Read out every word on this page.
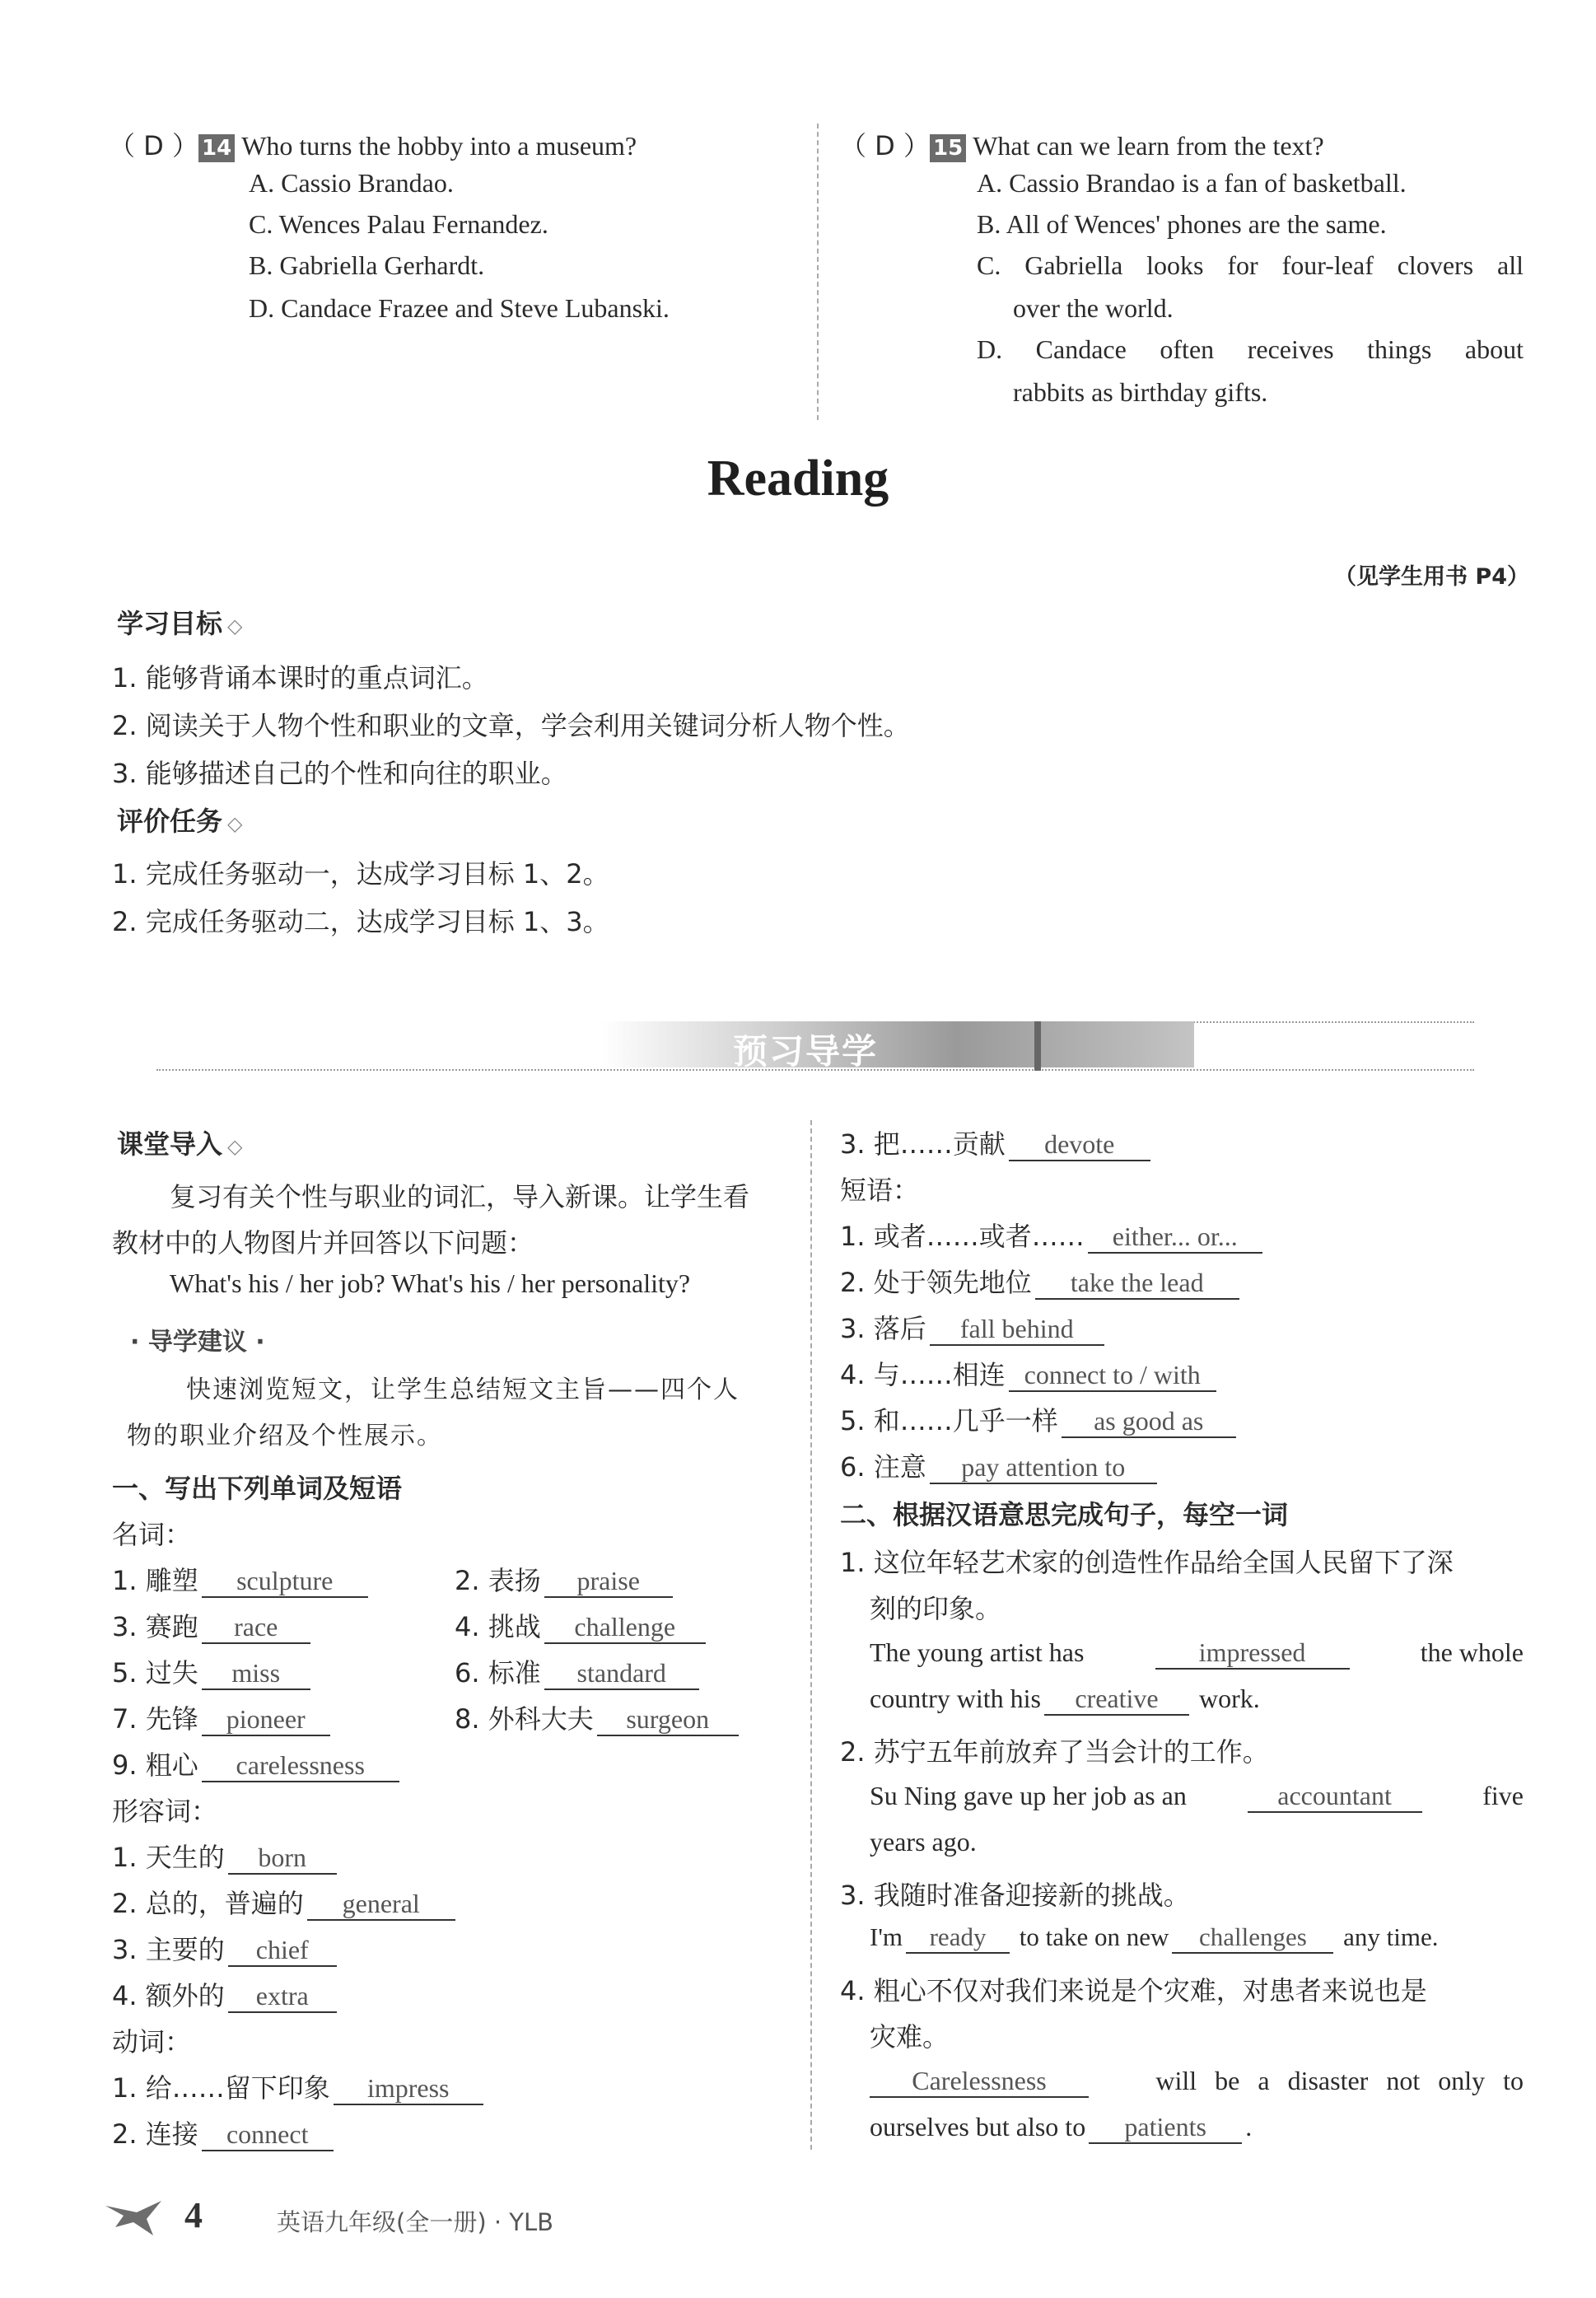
（ D ） 14 Who turns the hobby into a museum?
A. Cassio Brandao.
C. Wences Palau Fernandez.
B. Gabriella Gerhardt.
D. Candace Frazee and Steve Lubanski.
（ D ） 15 What can we learn from the text?
A. Cassio Brandao is a fan of basketball.
B. All of Wences' phones are the same.
C. Gabriella looks for four-leaf clovers all
over the world.
D. Candace often receives things about
rabbits as birthday gifts.
Reading
（见学生用书 P4）
学习目标 ◇
1. 能够背诵本课时的重点词汇。
2. 阅读关于人物个性和职业的文章，学会利用关键词分析人物个性。
3. 能够描述自己的个性和向往的职业。
评价任务 ◇
1. 完成任务驱动一，达成学习目标 1、2。
2. 完成任务驱动二，达成学习目标 1、3。
预习导学
课堂导入 ◇
复习有关个性与职业的词汇，导入新课。让学生看
教材中的人物图片并回答以下问题：
What's his / her job? What's his / her personality?
· 导学建议 ·
快速浏览短文，让学生总结短文主旨——四个人
物的职业介绍及个性展示。
一、写出下列单词及短语
名词：
1. 雕塑 sculpture	2. 表扬 praise
3. 赛跑 race	4. 挑战 challenge
5. 过失 miss	6. 标准 standard
7. 先锋 pioneer	8. 外科大夫 surgeon
9. 粗心 carelessness
形容词：
1. 天生的 born
2. 总的，普遍的 general
3. 主要的 chief
4. 额外的 extra
动词：
1. 给……留下印象 impress
2. 连接 connect
3. 把……贡献 devote
短语：
1. 或者……或者…… either... or...
2. 处于领先地位 take the lead
3. 落后 fall behind
4. 与……相连 connect to / with
5. 和……几乎一样 as good as
6. 注意 pay attention to
二、根据汉语意思完成句子，每空一词
1. 这位年轻艺术家的创造性作品给全国人民留下了深
刻的印象。
The young artist has	impressed	the whole
country with his creative work.
2. 苏宁五年前放弃了当会计的工作。
Su Ning gave up her job as an	accountant	five
years ago.
3. 我随时准备迎接新的挑战。
I'm ready to take on new challenges any time.
4. 粗心不仅对我们来说是个灾难，对患者来说也是
灾难。
Carelessness	will be a disaster not only to
ourselves but also to patients .
4	英语九年级(全一册) · YLB
